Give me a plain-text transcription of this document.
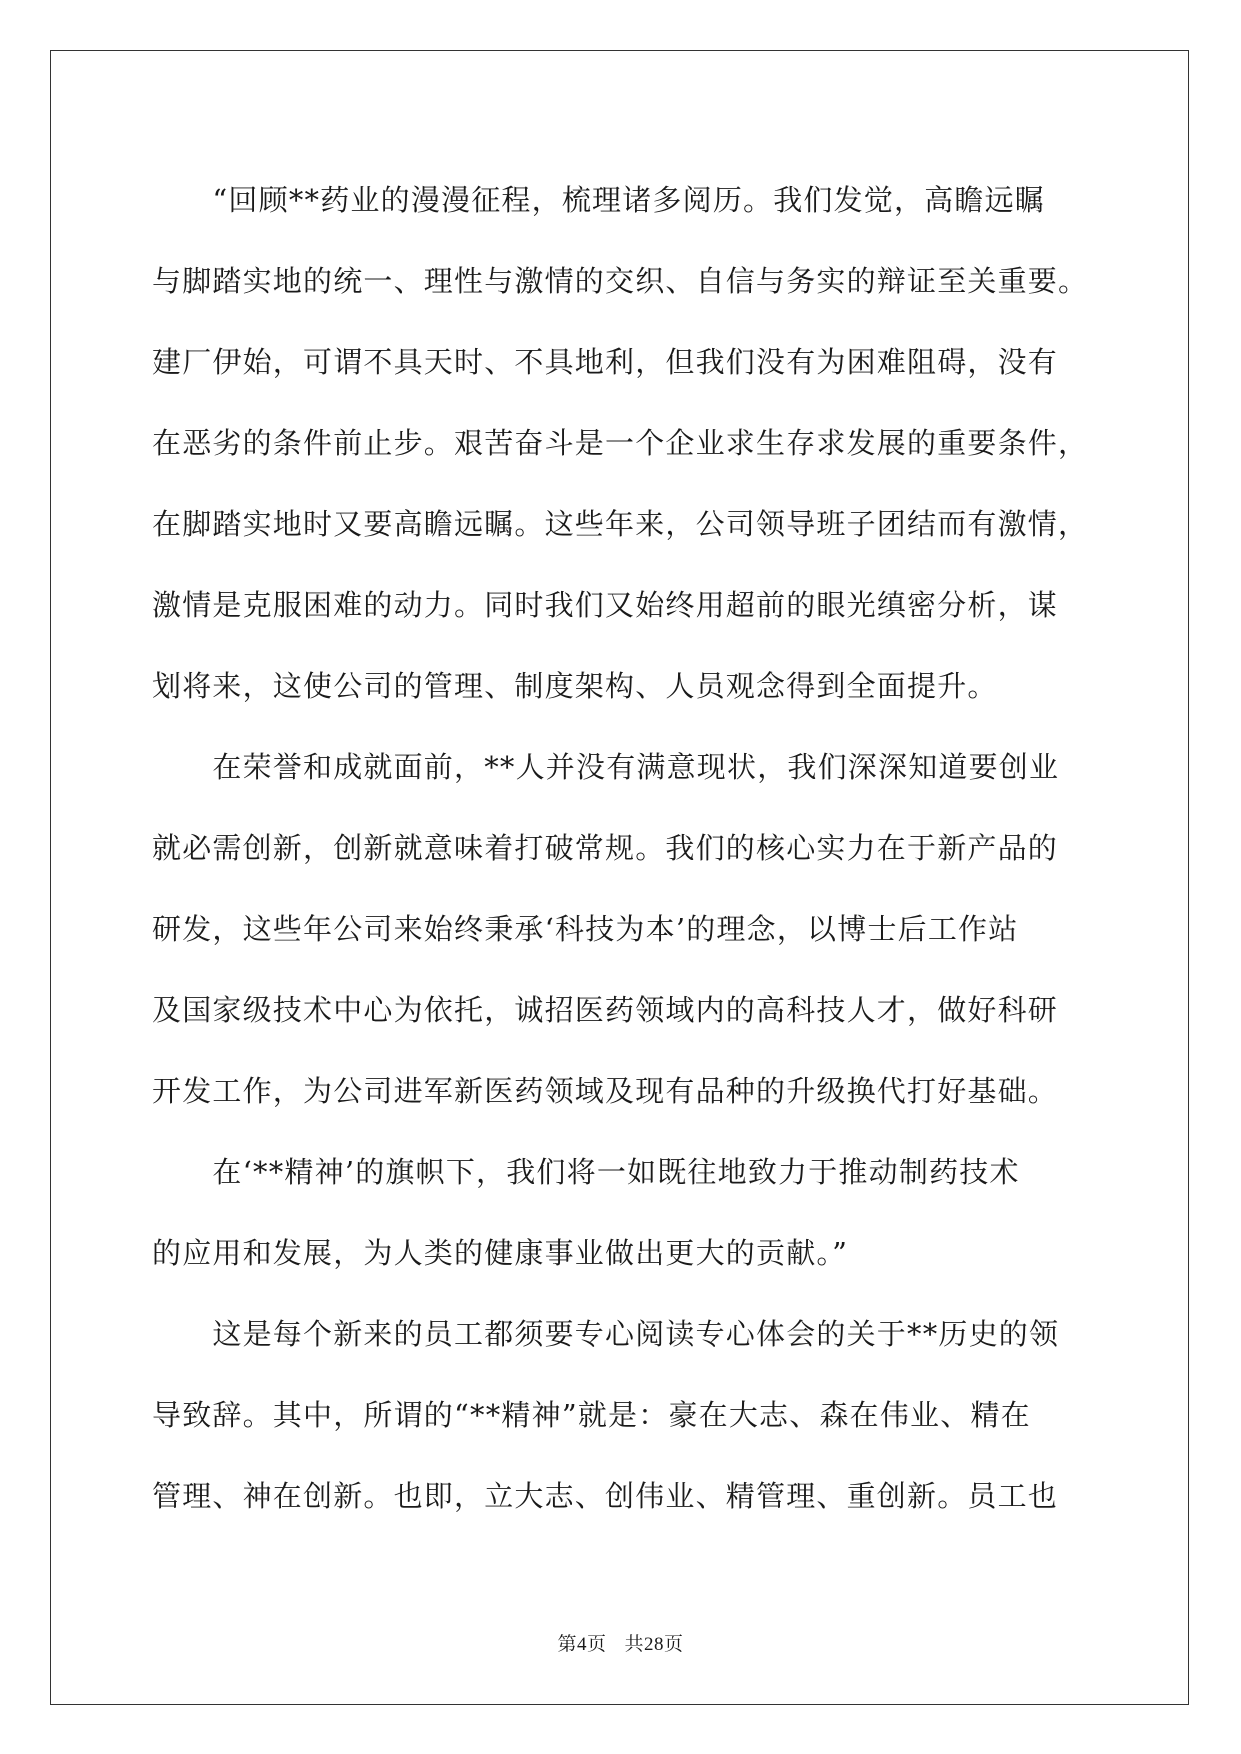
　　“回顾**药业的漫漫征程，梳理诸多阅历。我们发觉，高瞻远瞩
与脚踏实地的统一、理性与激情的交织、自信与务实的辩证至关重要。
建厂伊始，可谓不具天时、不具地利，但我们没有为困难阻碍，没有
在恶劣的条件前止步。艰苦奋斗是一个企业求生存求发展的重要条件，
在脚踏实地时又要高瞻远瞩。这些年来，公司领导班子团结而有激情，
激情是克服困难的动力。同时我们又始终用超前的眼光缜密分析，谋
划将来，这使公司的管理、制度架构、人员观念得到全面提升。
　　在荣誉和成就面前，**人并没有满意现状，我们深深知道要创业
就必需创新，创新就意味着打破常规。我们的核心实力在于新产品的
研发，这些年公司来始终秉承‘科技为本’的理念，以博士后工作站
及国家级技术中心为依托，诚招医药领域内的高科技人才，做好科研
开发工作，为公司进军新医药领域及现有品种的升级换代打好基础。
　　在‘**精神’的旗帜下，我们将一如既往地致力于推动制药技术
的应用和发展，为人类的健康事业做出更大的贡献。”
　　这是每个新来的员工都须要专心阅读专心体会的关于**历史的领
导致辞。其中，所谓的“**精神”就是：豪在大志、森在伟业、精在
管理、神在创新。也即，立大志、创伟业、精管理、重创新。员工也
第4页 共28页
